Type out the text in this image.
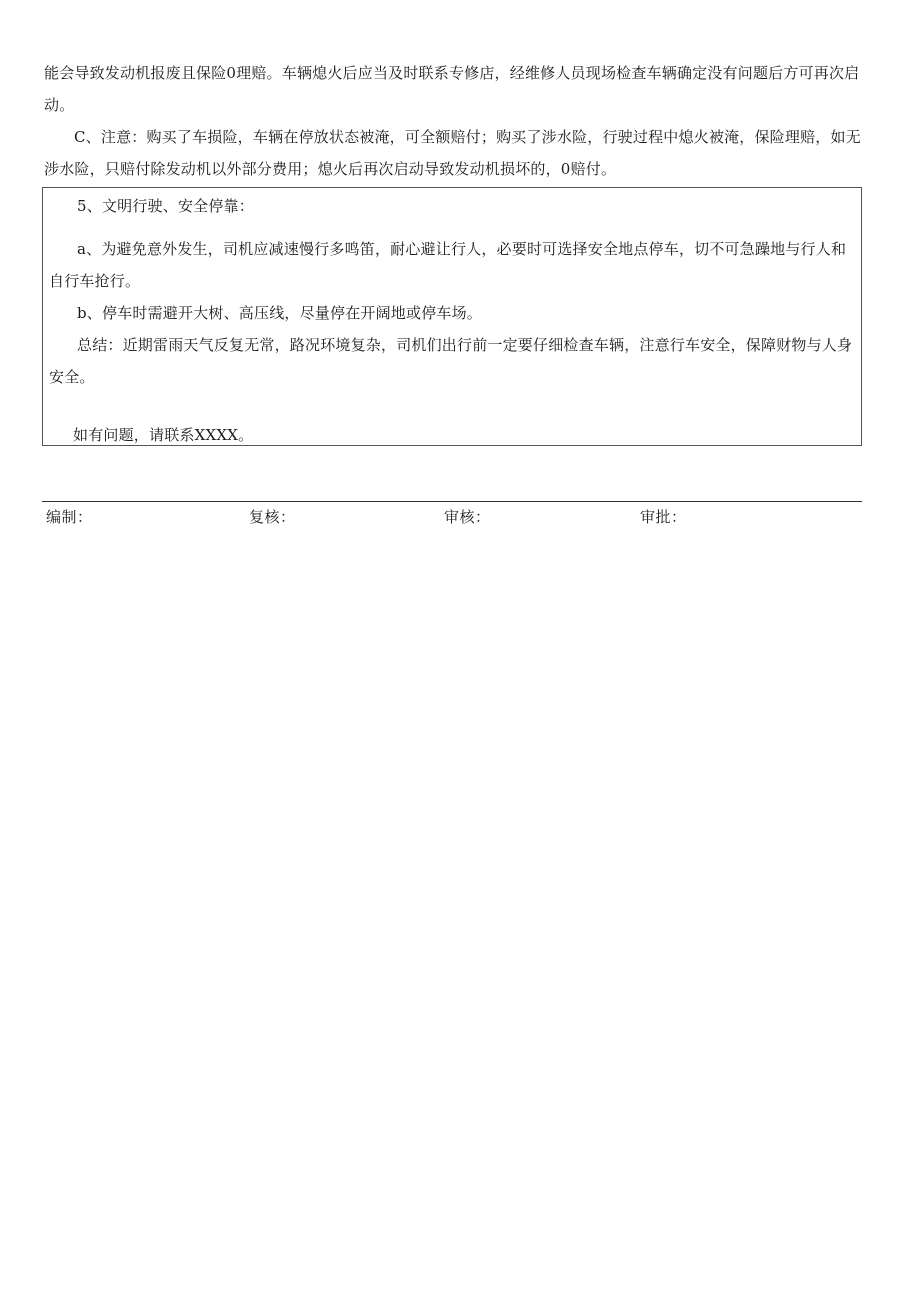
能会导致发动机报废且保险0理赔。车辆熄火后应当及时联系专修店，经维修人员现场检查车辆确定没有问题后方可再次启动。

C、注意：购买了车损险，车辆在停放状态被淹，可全额赔付；购买了涉水险，行驶过程中熄火被淹，保险理赔，如无涉水险，只赔付除发动机以外部分费用；熄火后再次启动导致发动机损坏的，0赔付。

5、文明行驶、安全停靠：

a、为避免意外发生，司机应减速慢行多鸣笛，耐心避让行人，必要时可选择安全地点停车，切不可急躁地与行人和自行车抢行。

b、停车时需避开大树、高压线，尽量停在开阔地或停车场。

总结：近期雷雨天气反复无常，路况环境复杂，司机们出行前一定要仔细检查车辆，注意行车安全，保障财物与人身安全。

如有问题，请联系XXXX。

编制：	复核：	审核：	审批：
